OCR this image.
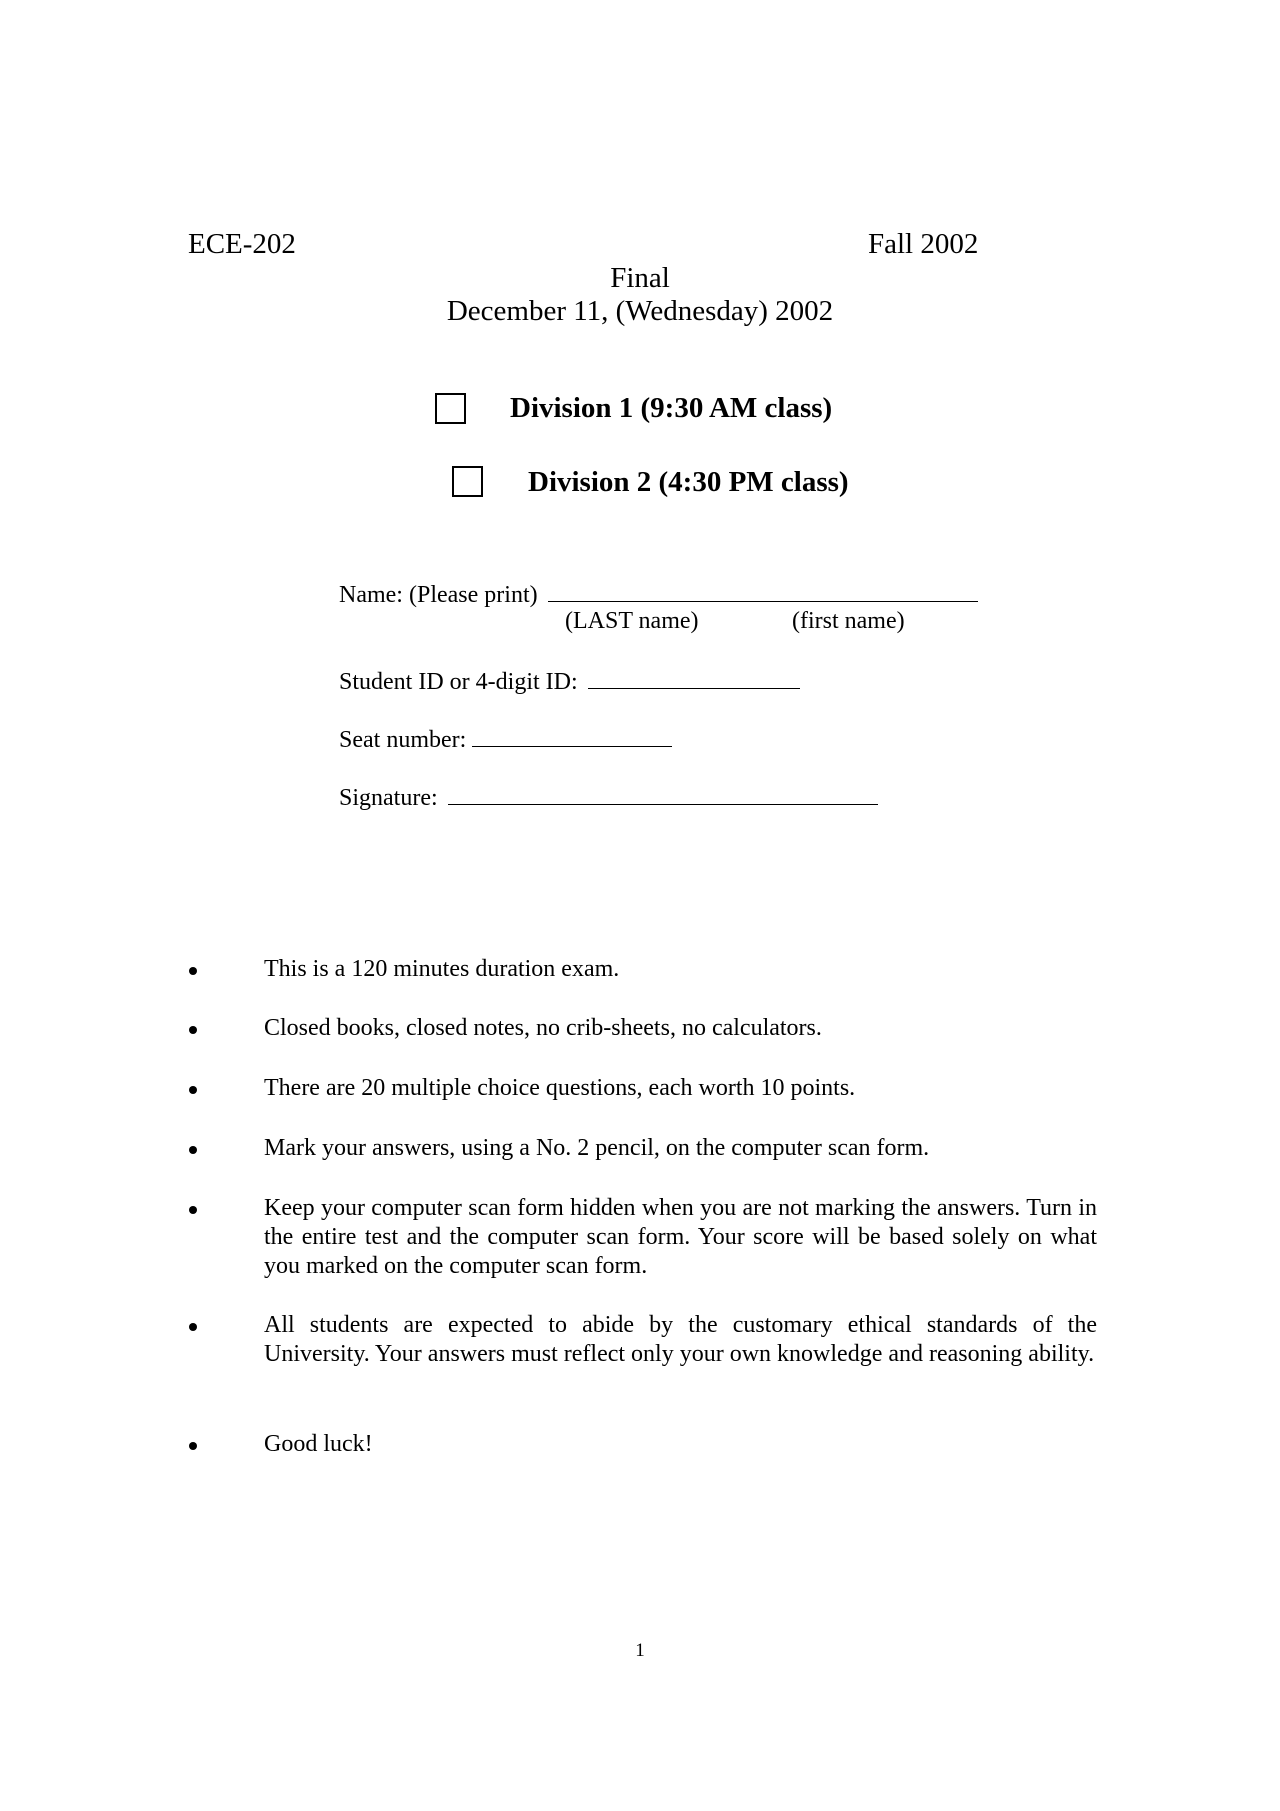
ECE-202	Fall 2002
Final
December 11, (Wednesday) 2002
Division 1 (9:30 AM class)
Division 2 (4:30 PM class)
Name: (Please print)
(LAST name)	(first name)
Student ID or 4-digit ID:
Seat number:
Signature:
This is a 120 minutes duration exam.
Closed books, closed notes, no crib-sheets, no calculators.
There are 20 multiple choice questions, each worth 10 points.
Mark your answers, using a No. 2 pencil, on the computer scan form.
Keep your computer scan form hidden when you are not marking the answers. Turn in the entire test and the computer scan form. Your score will be based solely on what you marked on the computer scan form.
All students are expected to abide by the customary ethical standards of the University. Your answers must reflect only your own knowledge and reasoning ability.
Good luck!
1
